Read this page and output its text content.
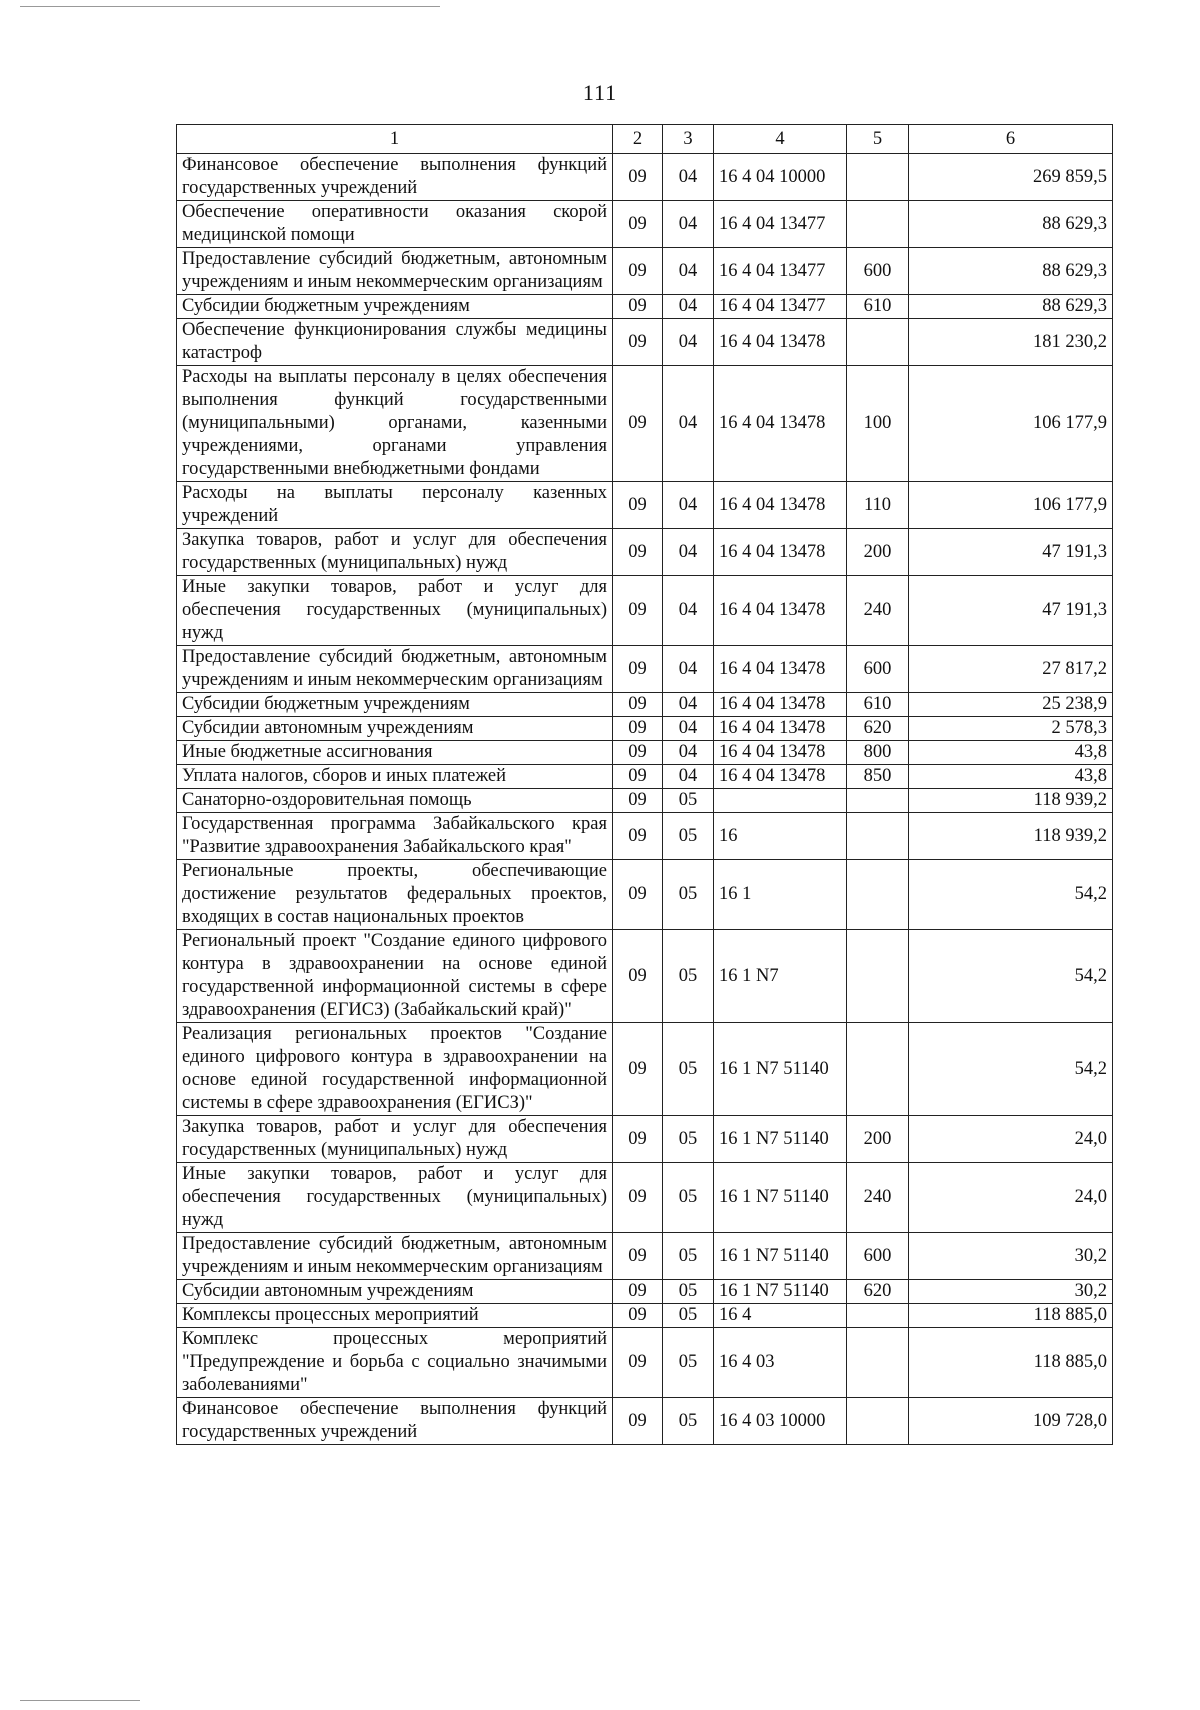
111
1	2	3	4	5	6
Финансовое обеспечение выполнения функций государственных учреждений	09	04	16 4 04 10000		269 859,5
Обеспечение оперативности оказания скорой медицинской помощи	09	04	16 4 04 13477		88 629,3
Предоставление субсидий бюджетным, автономным учреждениям и иным некоммерческим организациям	09	04	16 4 04 13477	600	88 629,3
Субсидии бюджетным учреждениям	09	04	16 4 04 13477	610	88 629,3
Обеспечение функционирования службы медицины катастроф	09	04	16 4 04 13478		181 230,2
Расходы на выплаты персоналу в целях обеспечения выполнения функций государственными (муниципальными) органами, казенными учреждениями, органами управления государственными внебюджетными фондами	09	04	16 4 04 13478	100	106 177,9
Расходы на выплаты персоналу казенных учреждений	09	04	16 4 04 13478	110	106 177,9
Закупка товаров, работ и услуг для обеспечения государственных (муниципальных) нужд	09	04	16 4 04 13478	200	47 191,3
Иные закупки товаров, работ и услуг для обеспечения государственных (муниципальных) нужд	09	04	16 4 04 13478	240	47 191,3
Предоставление субсидий бюджетным, автономным учреждениям и иным некоммерческим организациям	09	04	16 4 04 13478	600	27 817,2
Субсидии бюджетным учреждениям	09	04	16 4 04 13478	610	25 238,9
Субсидии автономным учреждениям	09	04	16 4 04 13478	620	2 578,3
Иные бюджетные ассигнования	09	04	16 4 04 13478	800	43,8
Уплата налогов, сборов и иных платежей	09	04	16 4 04 13478	850	43,8
Санаторно-оздоровительная помощь	09	05			118 939,2
Государственная программа Забайкальского края "Развитие здравоохранения Забайкальского края"	09	05	16		118 939,2
Региональные проекты, обеспечивающие достижение результатов федеральных проектов, входящих в состав национальных проектов	09	05	16 1		54,2
Региональный проект "Создание единого цифрового контура в здравоохранении на основе единой государственной информационной системы в сфере здравоохранения (ЕГИСЗ) (Забайкальский край)"	09	05	16 1 N7		54,2
Реализация региональных проектов "Создание единого цифрового контура в здравоохранении на основе единой государственной информационной системы в сфере здравоохранения (ЕГИСЗ)"	09	05	16 1 N7 51140		54,2
Закупка товаров, работ и услуг для обеспечения государственных (муниципальных) нужд	09	05	16 1 N7 51140	200	24,0
Иные закупки товаров, работ и услуг для обеспечения государственных (муниципальных) нужд	09	05	16 1 N7 51140	240	24,0
Предоставление субсидий бюджетным, автономным учреждениям и иным некоммерческим организациям	09	05	16 1 N7 51140	600	30,2
Субсидии автономным учреждениям	09	05	16 1 N7 51140	620	30,2
Комплексы процессных мероприятий	09	05	16 4		118 885,0
Комплекс процессных мероприятий "Предупреждение и борьба с социально значимыми заболеваниями"	09	05	16 4 03		118 885,0
Финансовое обеспечение выполнения функций государственных учреждений	09	05	16 4 03 10000		109 728,0
